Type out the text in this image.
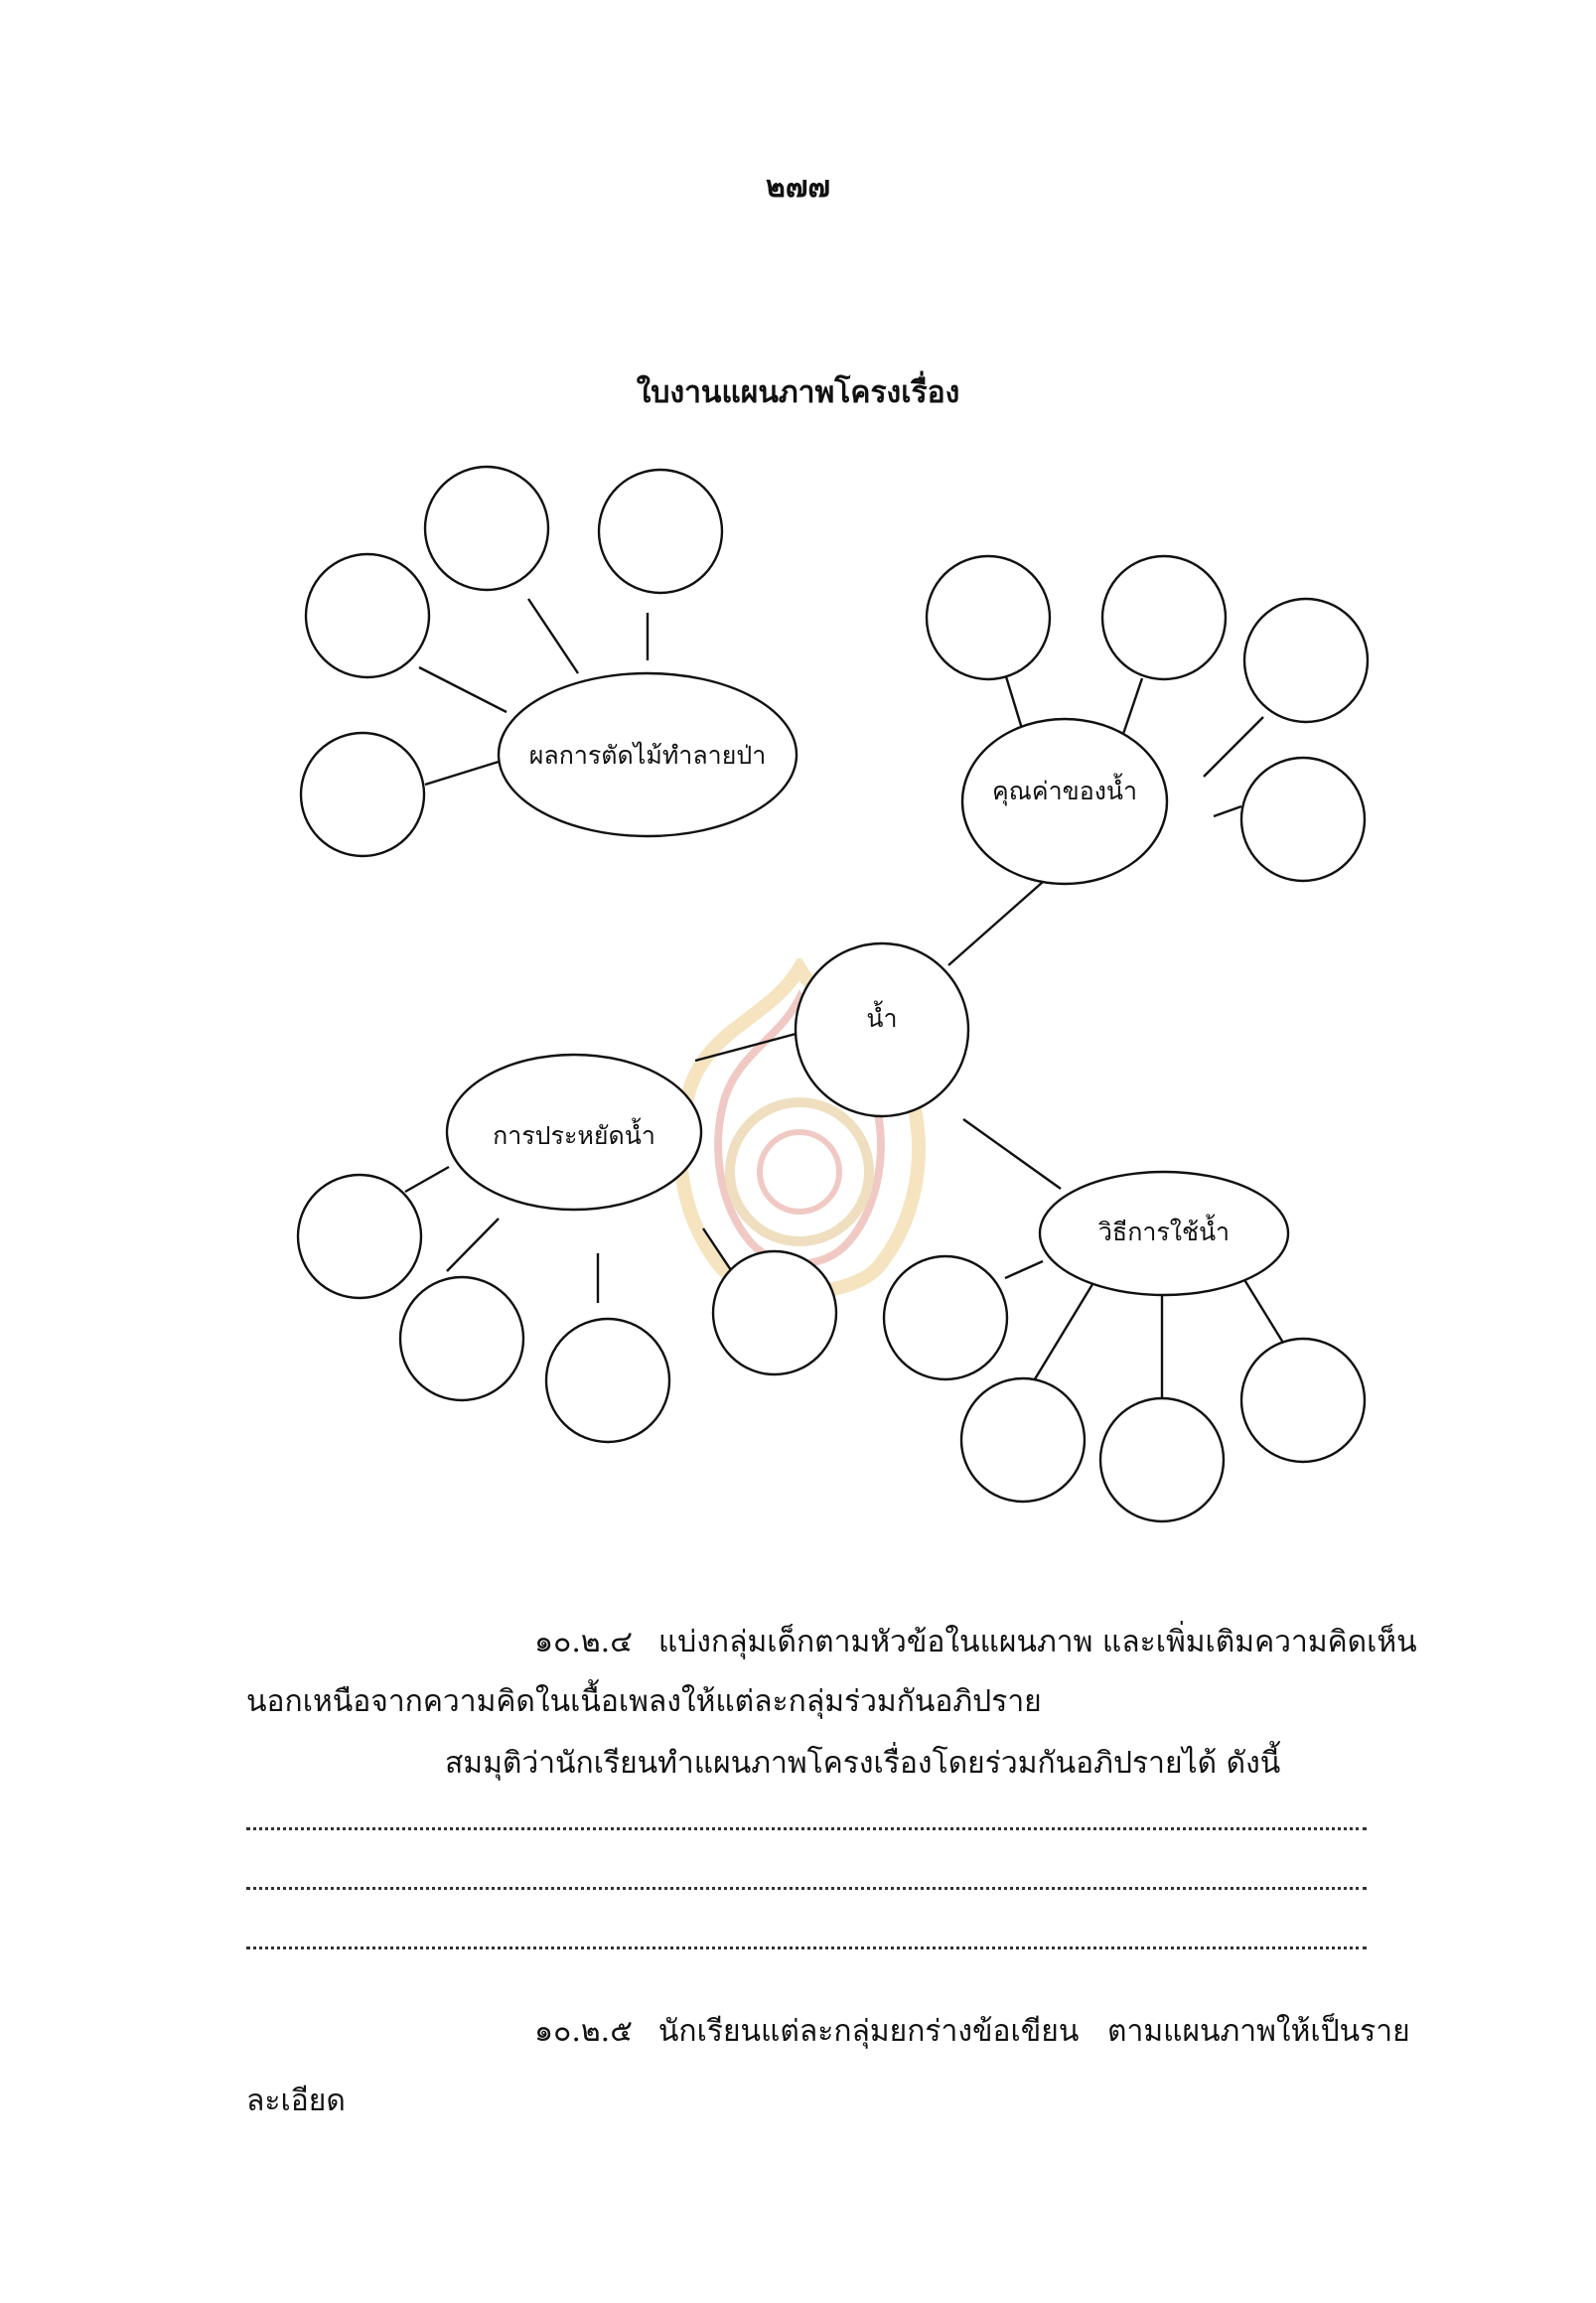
๒๗๗
ใบงานแผนภาพโครงเรื่อง
น้ำ
ผลการตัดไม้ทำลายป่า
คุณค่าของน้ำ
การประหยัดน้ำ
วิธีการใช้น้ำ
๑๐.๒.๔ แบ่งกลุ่มเด็กตามหัวข้อในแผนภาพ และเพิ่มเติมความคิดเห็น
นอกเหนือจากความคิดในเนื้อเพลงให้แต่ละกลุ่มร่วมกันอภิปราย
สมมุติว่านักเรียนทำแผนภาพโครงเรื่องโดยร่วมกันอภิปรายได้ ดังนี้
๑๐.๒.๕ นักเรียนแต่ละกลุ่มยกร่างข้อเขียน   ตามแผนภาพให้เป็นราย
ละเอียด
